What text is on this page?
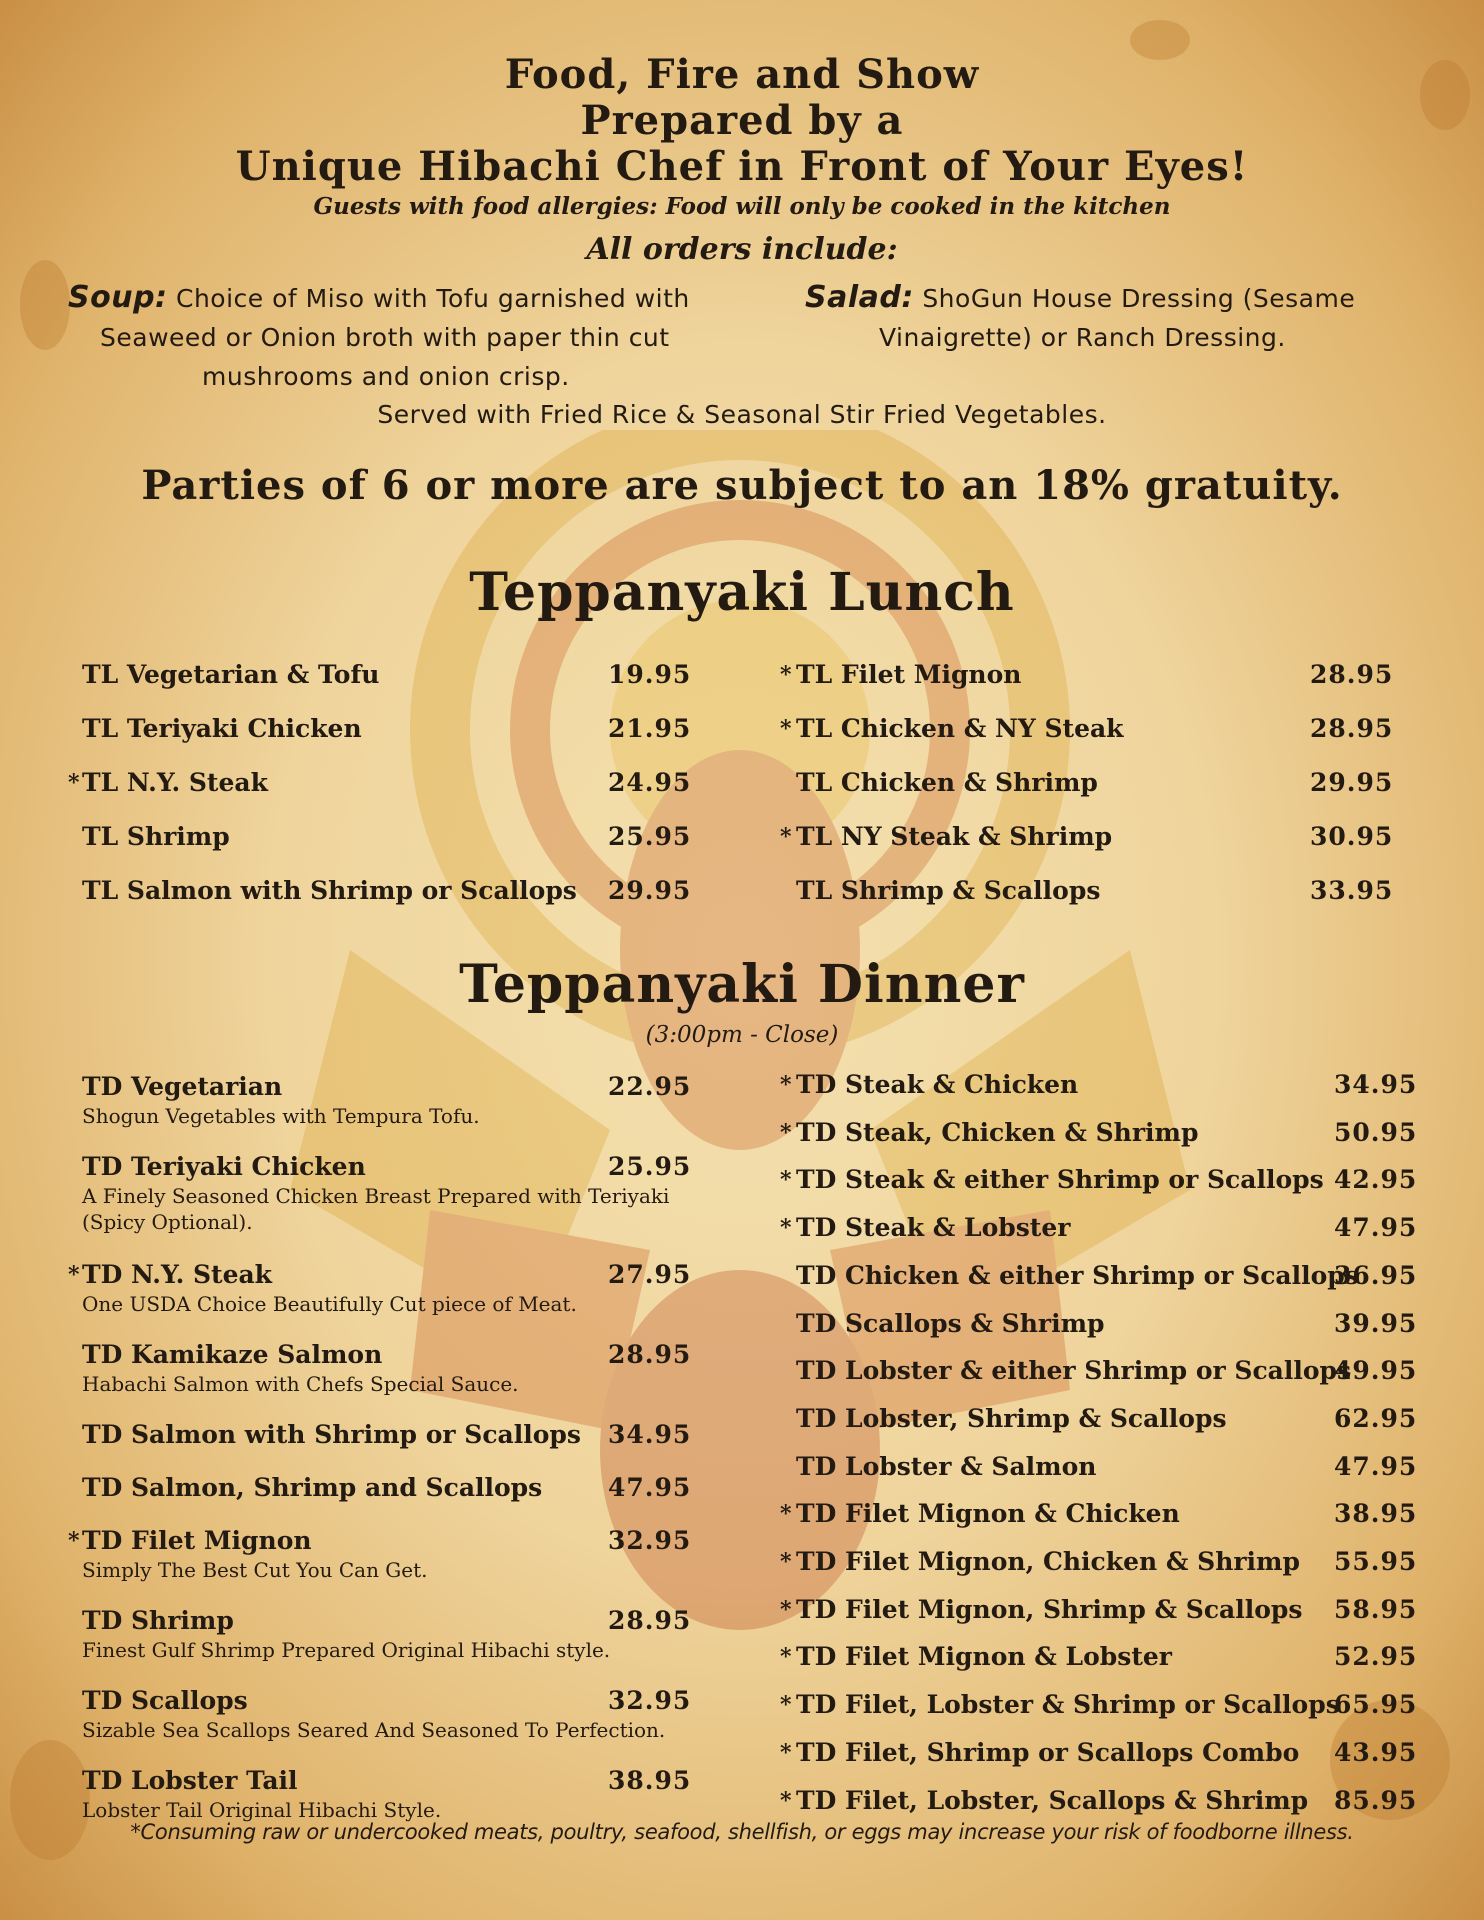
Food, Fire and Show
Prepared by a
Unique Hibachi Chef in Front of Your Eyes!
Guests with food allergies: Food will only be cooked in the kitchen
All orders include:
Soup: Choice of Miso with Tofu garnished with
Seaweed or Onion broth with paper thin cut
mushrooms and onion crisp.
Salad: ShoGun House Dressing (Sesame
Vinaigrette) or Ranch Dressing.
Served with Fried Rice & Seasonal Stir Fried Vegetables.
Parties of 6 or more are subject to an 18% gratuity.
Teppanyaki Lunch
TL Vegetarian & Tofu	19.95
TL Teriyaki Chicken	21.95
* TL N.Y. Steak	24.95
TL Shrimp	25.95
TL Salmon with Shrimp or Scallops 29.95
* TL Filet Mignon	28.95
* TL Chicken & NY Steak	28.95
TL Chicken & Shrimp	29.95
* TL NY Steak & Shrimp	30.95
TL Shrimp & Scallops	33.95
Teppanyaki Dinner
(3:00pm - Close)
TD Vegetarian	22.95
Shogun Vegetables with Tempura Tofu.
TD Teriyaki Chicken	25.95
A Finely Seasoned Chicken Breast Prepared with Teriyaki
(Spicy Optional).
* TD N.Y. Steak	27.95
One USDA Choice Beautifully Cut piece of Meat.
TD Kamikaze Salmon	28.95
Habachi Salmon with Chefs Special Sauce.
TD Salmon with Shrimp or Scallops 34.95
TD Salmon, Shrimp and Scallops	47.95
* TD Filet Mignon	32.95
Simply The Best Cut You Can Get.
TD Shrimp	28.95
Finest Gulf Shrimp Prepared Original Hibachi style.
TD Scallops	32.95
Sizable Sea Scallops Seared And Seasoned To Perfection.
TD Lobster Tail	38.95
Lobster Tail Original Hibachi Style.
* TD Steak & Chicken	34.95
* TD Steak, Chicken & Shrimp	50.95
* TD Steak & either Shrimp or Scallops 42.95
* TD Steak & Lobster	47.95
TD Chicken & either Shrimp or Scallops
36.95
TD Scallops & Shrimp	39.95
TD Lobster & either Shrimp or Scallops
49.95
TD Lobster, Shrimp & Scallops	62.95
TD Lobster & Salmon	47.95
* TD Filet Mignon & Chicken	38.95
* TD Filet Mignon, Chicken & Shrimp 55.95
* TD Filet Mignon, Shrimp & Scallops 58.95
* TD Filet Mignon & Lobster	52.95
* TD Filet, Lobster & Shrimp or Scallops
65.95
* TD Filet, Shrimp or Scallops Combo 43.95
* TD Filet, Lobster, Scallops & Shrimp 85.95
*Consuming raw or undercooked meats, poultry, seafood, shellfish, or eggs may increase your risk of foodborne illness.
